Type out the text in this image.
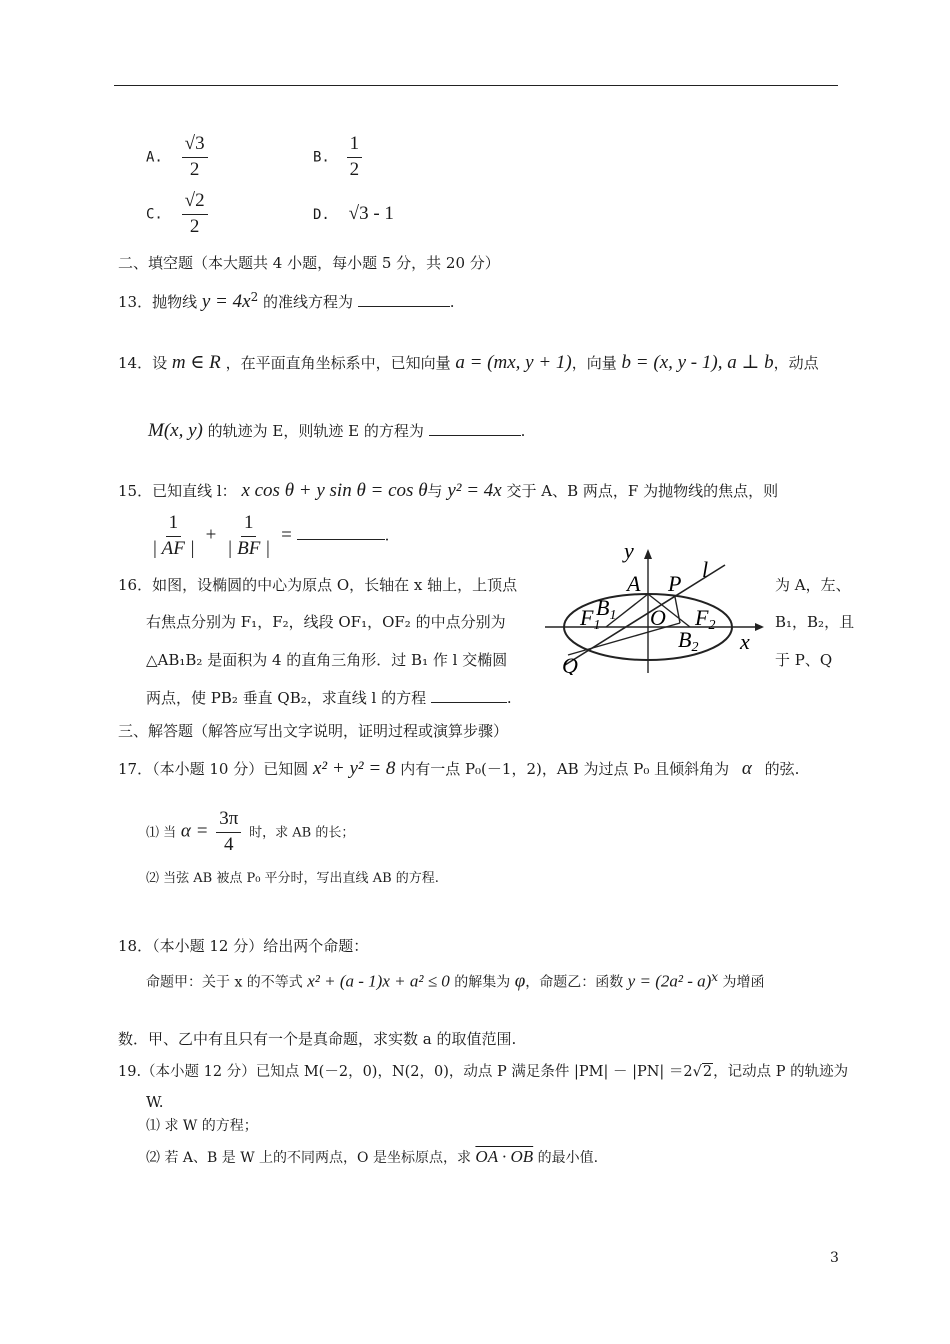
A. $\frac{√3}{2}$	B. $\frac{1}{2}$
C. $\frac{√2}{2}$	D. √3 - 1
二、填空题（本大题共 4 小题，每小题 5 分，共 20 分）
13．抛物线 $y = 4x^2$ 的准线方程为	.
14．设 m ∈ R ，在平面直角坐标系中，已知向量 a = (mx, y + 1)，向量 b = (x, y - 1), a ⊥ b，动点
M(x, y) 的轨迹为 E，则轨迹 E 的方程为	.
15．已知直线 l： x cos θ + y sin θ = cos θ与 y² = 4x 交于 A、B 两点，F 为抛物线的焦点，则
$\frac{1}{| AF |} + \frac{1}{| BF |}$ =	.
16．如图，设椭圆的中心为原点 O，长轴在 x 轴上，上顶点	为 A，左、
右焦点分别为 F₁，F₂，线段 OF₁，OF₂ 的中点分别为	B₁，B₂，且
△AB₁B₂ 是面积为 4 的直角三角形．过 B₁ 作 l 交椭圆	于 P、Q
两点，使 PB₂ 垂直 QB₂，求直线 l 的方程	.
y
x
A P
l
B1
F1 O F2
B2
Q
三、解答题（解答应写出文字说明，证明过程或演算步骤）
17．（本小题 10 分）已知圆 x² + y² = 8 内有一点 P₀(－1，2)，AB 为过点 P₀ 且倾斜角为 α 的弦.
⑴ 当 $\alpha = \frac{3\pi}{4}$ 时，求 AB 的长；
⑵ 当弦 AB 被点 P₀ 平分时，写出直线 AB 的方程.
18．（本小题 12 分）给出两个命题：
命题甲：关于 x 的不等式 x² + (a - 1)x + a² ≤ 0 的解集为 φ，命题乙：函数 y = (2a² - a)x 为增函
数．甲、乙中有且只有一个是真命题，求实数 a 的取值范围.
19.（本小题 12 分）已知点 M(－2，0)，N(2，0)，动点 P 满足条件 |PM| － |PN| ＝2√2，记动点 P 的轨迹为
W.
⑴ 求 W 的方程；
⑵ 若 A、B 是 W 上的不同两点，O 是坐标原点，求 OA · OB 的最小值.
3
